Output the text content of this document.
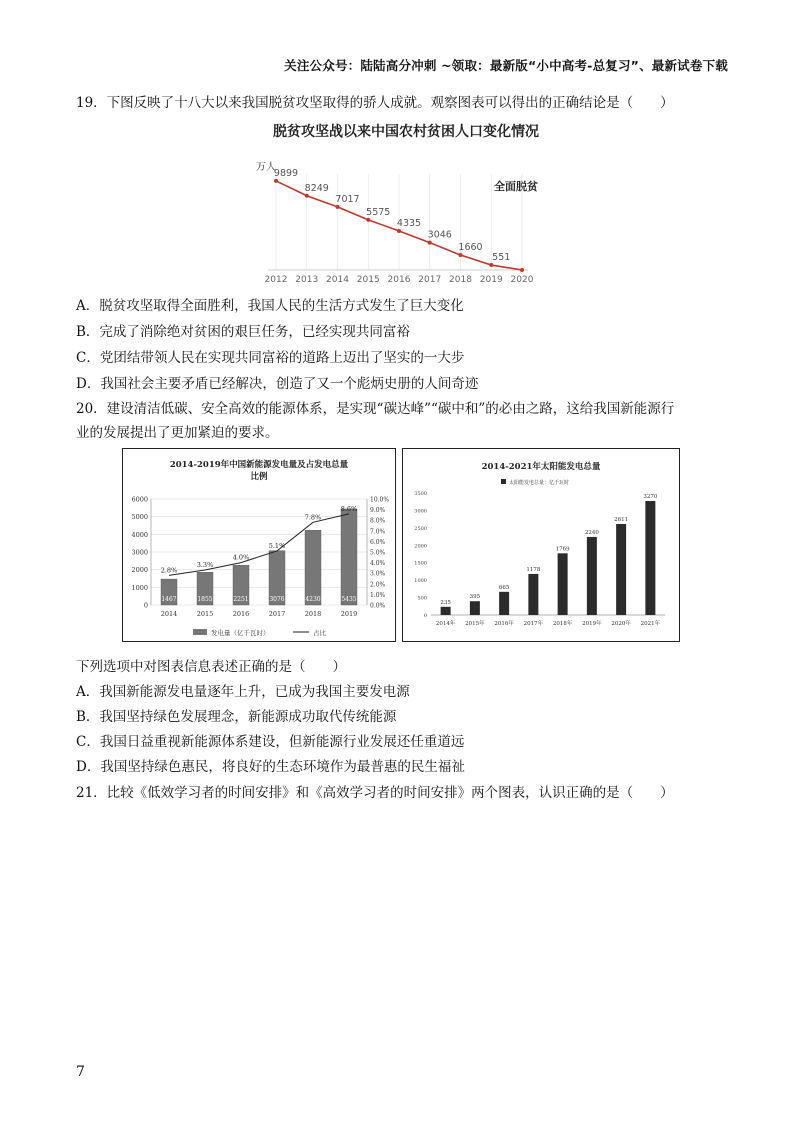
关注公众号：陆陆高分冲刺 ~领取：最新版“小中高考-总复习”、最新试卷下载
19．下图反映了十八大以来我国脱贫攻坚取得的骄人成就。观察图表可以得出的正确结论是（　　）
脱贫攻坚战以来中国农村贫困人口变化情况
万人
全面脱贫
9899
8249
7017
5575
4335
3046
1660
551
2012 2013 2014 2015 2016 2017 2018 2019 2020
A．脱贫攻坚取得全面胜利，我国人民的生活方式发生了巨大变化
B．完成了消除绝对贫困的艰巨任务，已经实现共同富裕
C．党团结带领人民在实现共同富裕的道路上迈出了坚实的一大步
D．我国社会主要矛盾已经解决，创造了又一个彪炳史册的人间奇迹
20．建设清洁低碳、安全高效的能源体系，是实现“碳达峰”“碳中和”的必由之路，这给我国新能源行
业的发展提出了更加紧迫的要求。
2014-2019年中国新能源发电量及占发电总量
比例
0
1000
2000
3000
4000
5000
6000
0.0%
1.0%
2.0%
3.0%
4.0%
5.0%
6.0%
7.0%
8.0%
9.0%
10.0%
1467	1855	2251	3076	4230	5435
2.8%
3.3%
4.0%
5.1%
7.8%
8.6%
2014	2015	2016	2017	2018	2019
发电量（亿千瓦时）	占比
2014-2021年太阳能发电总量
太阳能发电总量：亿千瓦时
0
500
1000
1500
2000
2500
3000
3500
235
395
665
1178
1769
2240
2611
3270
2014年 2015年 2016年 2017年 2018年 2019年 2020年 2021年
下列选项中对图表信息表述正确的是（　　）
A．我国新能源发电量逐年上升，已成为我国主要发电源
B．我国坚持绿色发展理念，新能源成功取代传统能源
C．我国日益重视新能源体系建设，但新能源行业发展还任重道远
D．我国坚持绿色惠民，将良好的生态环境作为最普惠的民生福祉
21．比较《低效学习者的时间安排》和《高效学习者的时间安排》两个图表，认识正确的是（　　）
7
